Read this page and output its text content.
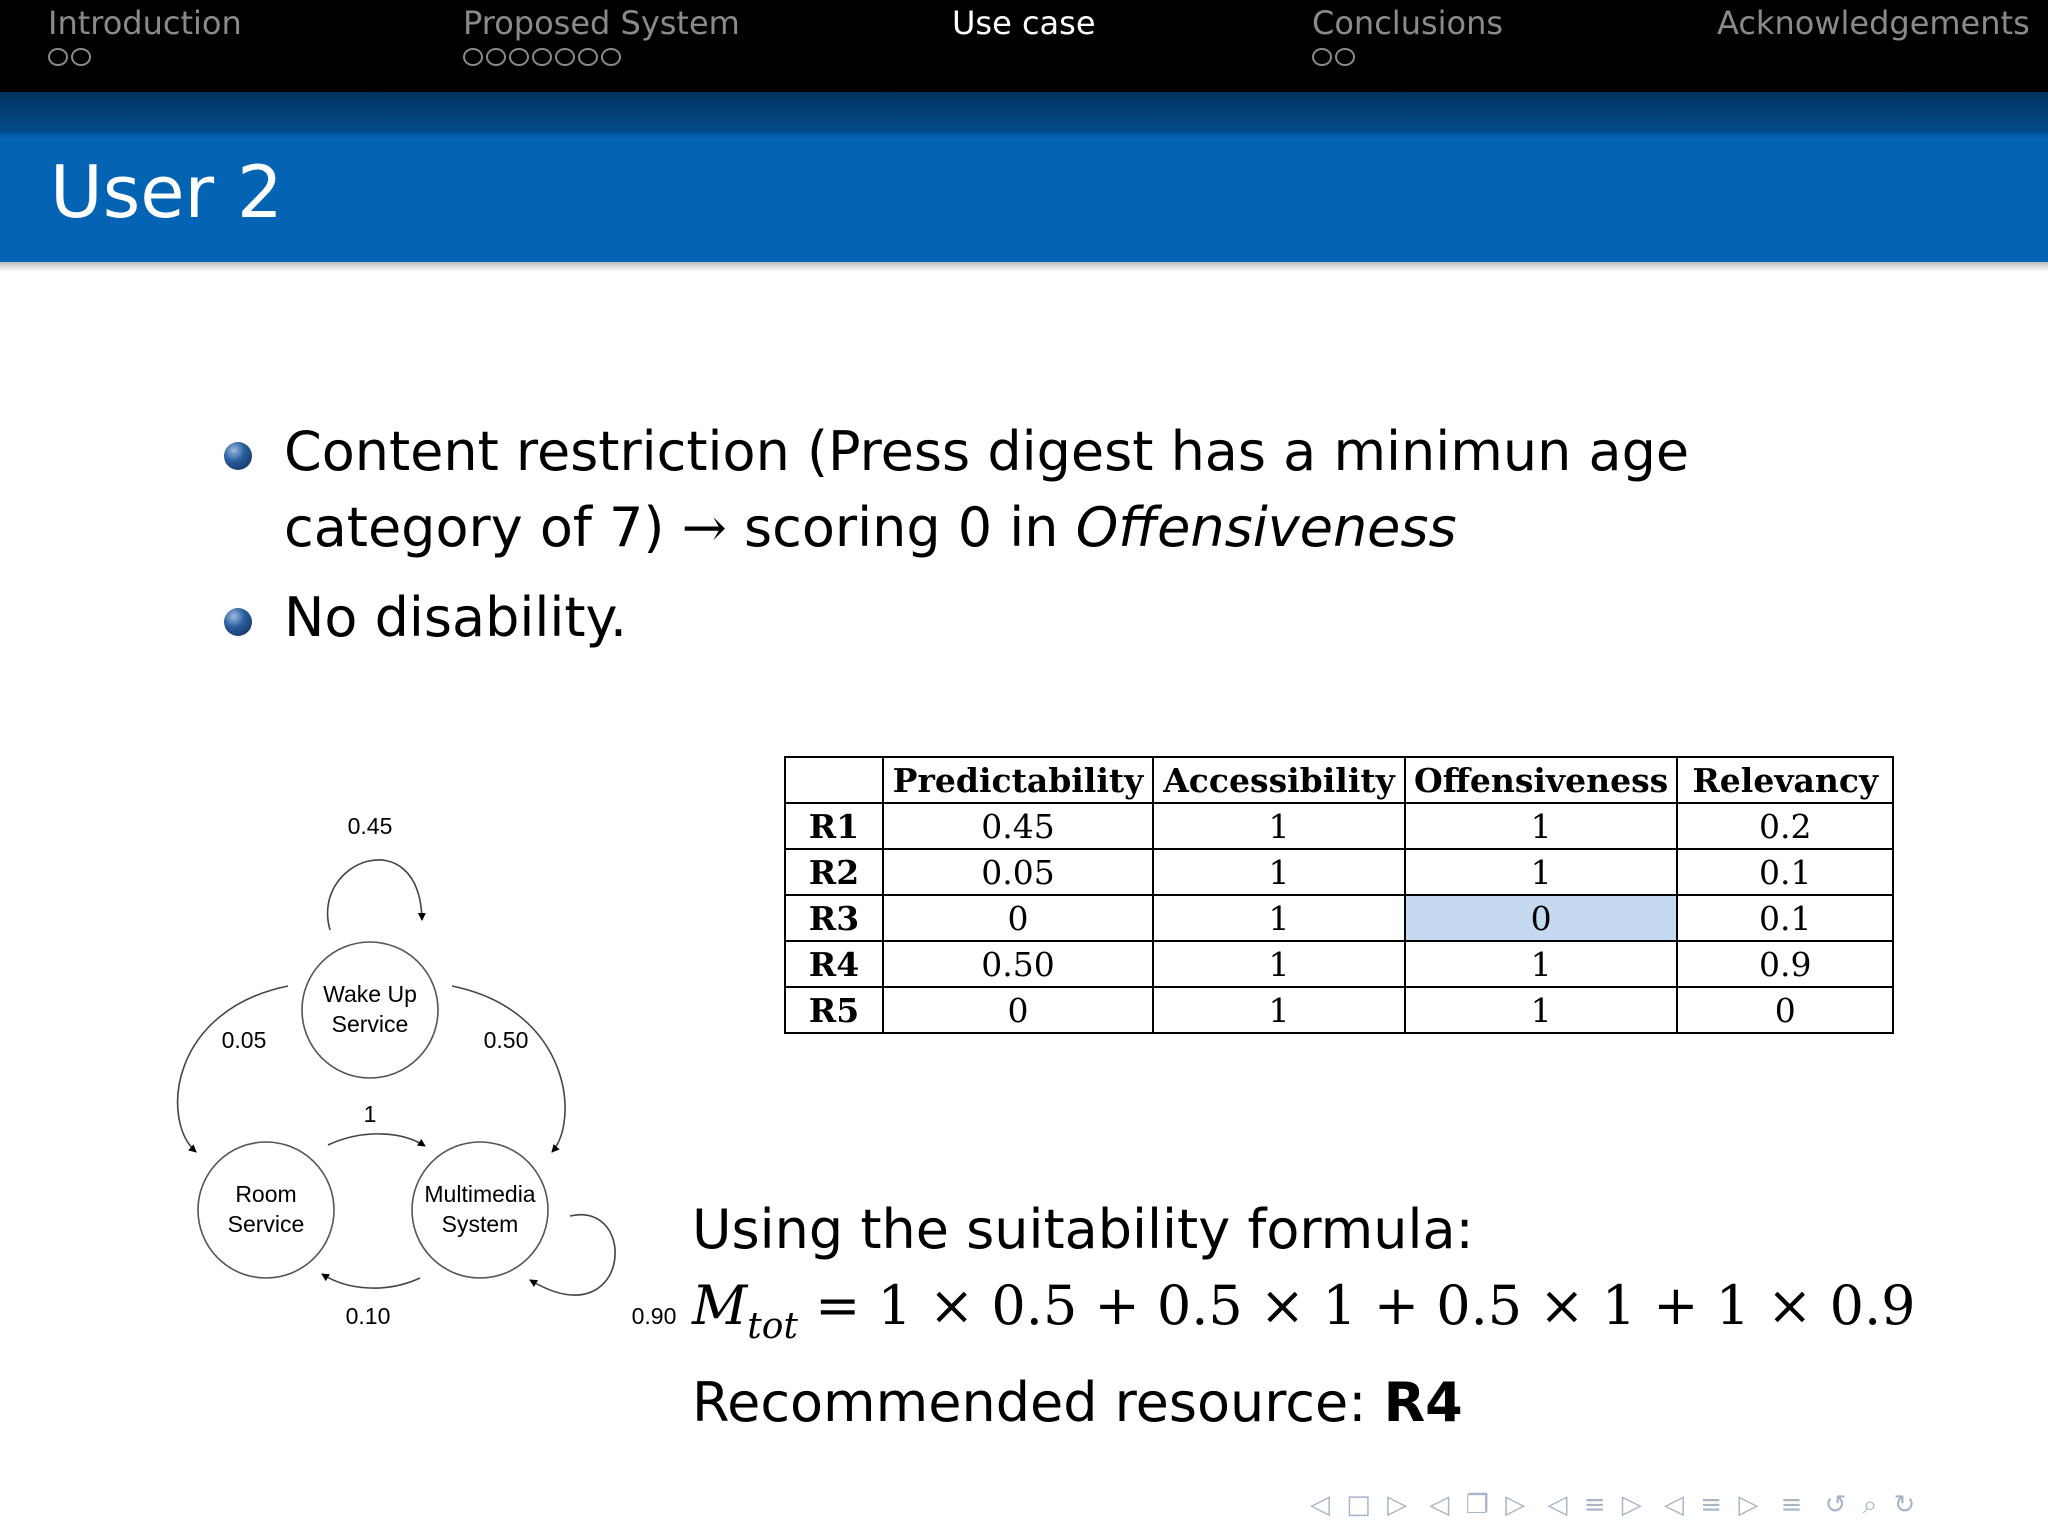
Introduction	Proposed System	Use case	Conclusions	Acknowledgements
User 2
Content restriction (Press digest has a minimun age category of 7) → scoring 0 in Offensiveness
No disability.
Wake Up
Service
Room
Service
Multimedia
System
0.45
0.05	0.50
1
0.10	0.90
	Predictability	Accessibility	Offensiveness	Relevancy
R1	0.45	1	1	0.2
R2	0.05	1	1	0.1
R3	0	1	0	0.1
R4	0.50	1	1	0.9
R5	0	1	1	0
Using the suitability formula:
$M_{tot} = 1 \times 0.5 + 0.5 \times 1 + 0.5 \times 1 + 1 \times 0.9$
Recommended resource: R4
◁ □ ▷ ◁ ❐ ▷ ◁ ≡ ▷ ◁ ≡ ▷ ≡ ↺ ⌕ ↻
